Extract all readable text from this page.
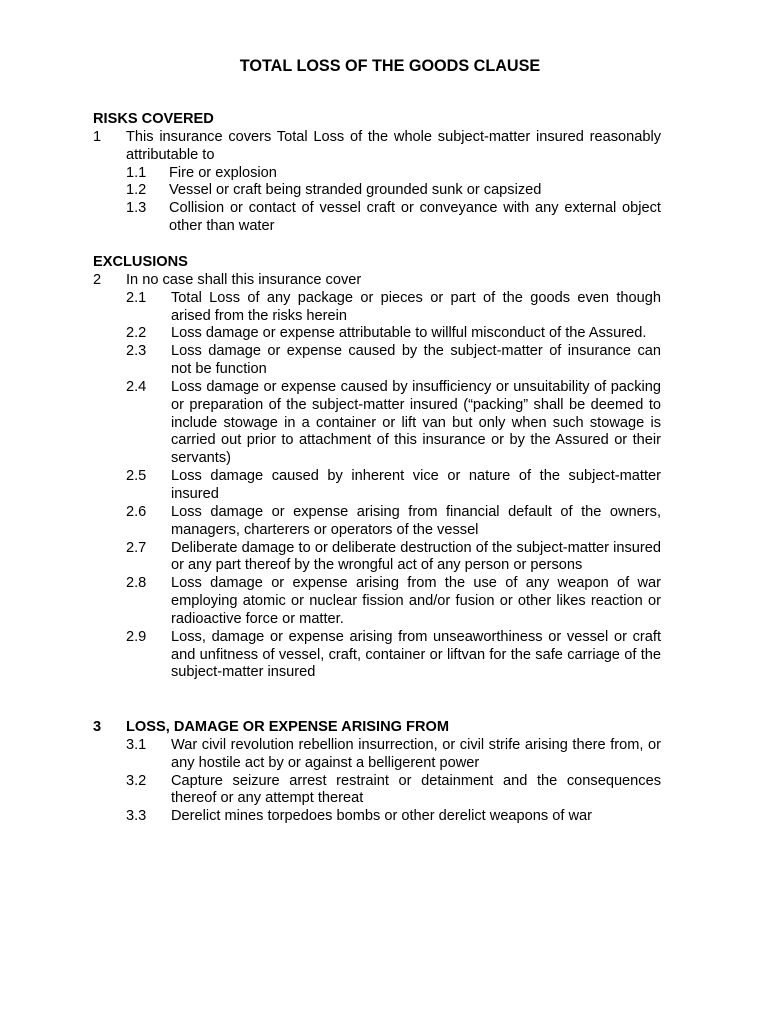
TOTAL LOSS OF THE GOODS CLAUSE
RISKS COVERED
1	This insurance covers Total Loss of the whole subject-matter insured reasonably attributable to
1.1	Fire or explosion
1.2	Vessel or craft being stranded grounded sunk or capsized
1.3	Collision or contact of vessel craft or conveyance with any external object other than water
EXCLUSIONS
2	In no case shall this insurance cover
2.1	Total Loss of any package or pieces or part of the goods even though arised from the risks herein
2.2	Loss damage or expense attributable to willful misconduct of the Assured.
2.3	Loss damage or expense caused by the subject-matter of insurance can not be function
2.4	Loss damage or expense caused by insufficiency or unsuitability of packing or preparation of the subject-matter insured (“packing” shall be deemed to include stowage in a container or lift van but only when such stowage is carried out prior to attachment of this insurance or by the Assured or their servants)
2.5	Loss damage caused by inherent vice or nature of the subject-matter insured
2.6	Loss damage or expense arising from financial default of the owners, managers, charterers or operators of the vessel
2.7	Deliberate damage to or deliberate destruction of the subject-matter insured or any part thereof by the wrongful act of any person or persons
2.8	Loss damage or expense arising from the use of any weapon of war employing atomic or nuclear fission and/or fusion or other likes reaction or radioactive force or matter.
2.9	Loss, damage or expense arising from unseaworthiness or vessel or craft and unfitness of vessel, craft, container or liftvan for the safe carriage of the subject-matter insured
3	LOSS, DAMAGE OR EXPENSE ARISING FROM
3.1	War civil revolution rebellion insurrection, or civil strife arising there from, or any hostile act by or against a belligerent power
3.2	Capture seizure arrest restraint or detainment and the consequences thereof or any attempt thereat
3.3	Derelict mines torpedoes bombs or other derelict weapons of war
